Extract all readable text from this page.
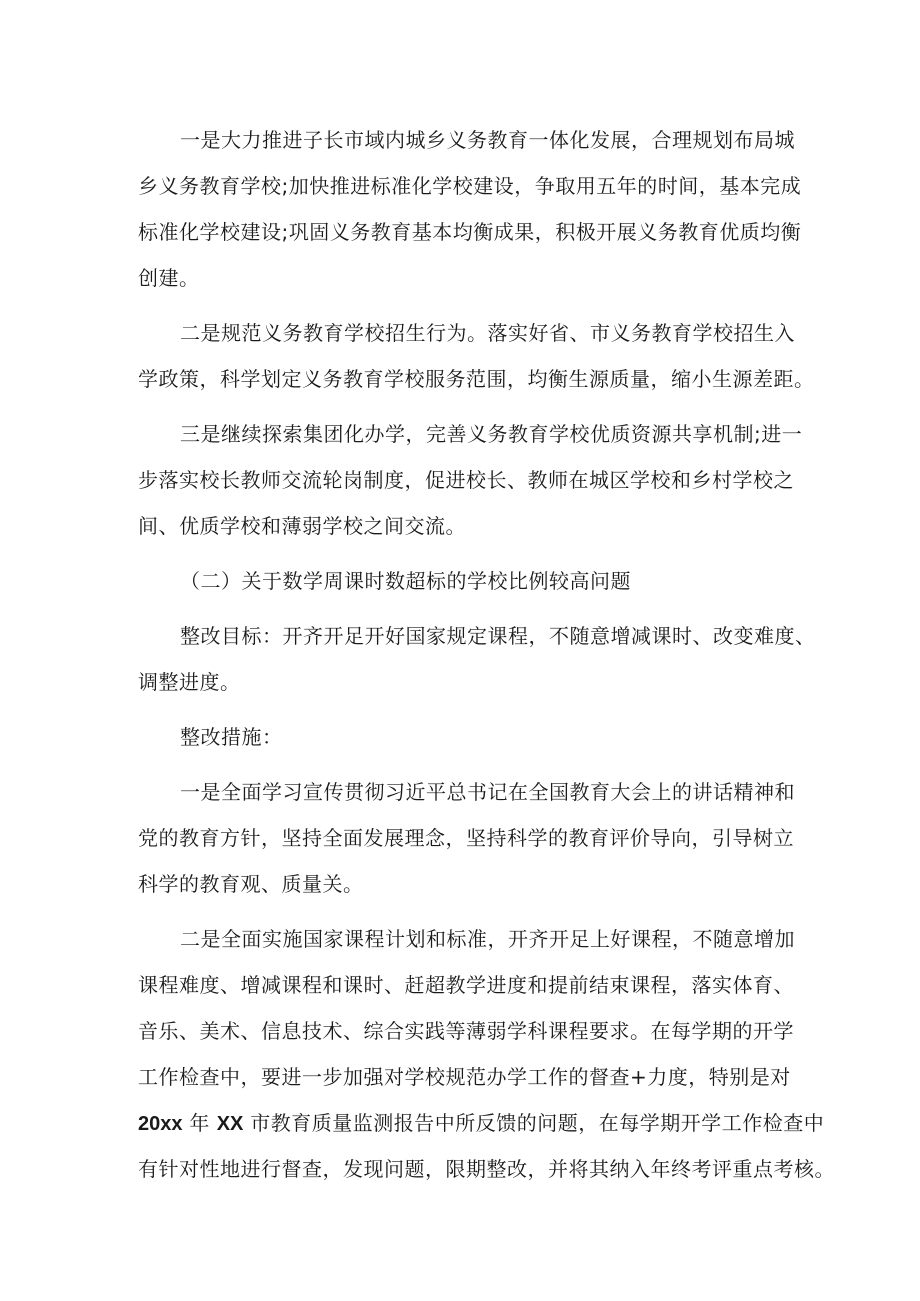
一是大力推进子长市域内城乡义务教育一体化发展，合理规划布局城
乡义务教育学校;加快推进标准化学校建设，争取用五年的时间，基本完成
标准化学校建设;巩固义务教育基本均衡成果，积极开展义务教育优质均衡
创建。
二是规范义务教育学校招生行为。落实好省、市义务教育学校招生入
学政策，科学划定义务教育学校服务范围，均衡生源质量，缩小生源差距。
三是继续探索集团化办学，完善义务教育学校优质资源共享机制;进一
步落实校长教师交流轮岗制度，促进校长、教师在城区学校和乡村学校之
间、优质学校和薄弱学校之间交流。
（二）关于数学周课时数超标的学校比例较高问题
整改目标：开齐开足开好国家规定课程，不随意增减课时、改变难度、
调整进度。
整改措施：
一是全面学习宣传贯彻习近平总书记在全国教育大会上的讲话精神和
党的教育方针，坚持全面发展理念，坚持科学的教育评价导向，引导树立
科学的教育观、质量关。
二是全面实施国家课程计划和标准，开齐开足上好课程，不随意增加
课程难度、增减课程和课时、赶超教学进度和提前结束课程，落实体育、
音乐、美术、信息技术、综合实践等薄弱学科课程要求。在每学期的开学
工作检查中，要进一步加强对学校规范办学工作的督查+力度，特别是对
20xx 年 XX 市教育质量监测报告中所反馈的问题，在每学期开学工作检查中
有针对性地进行督查，发现问题，限期整改，并将其纳入年终考评重点考核。
